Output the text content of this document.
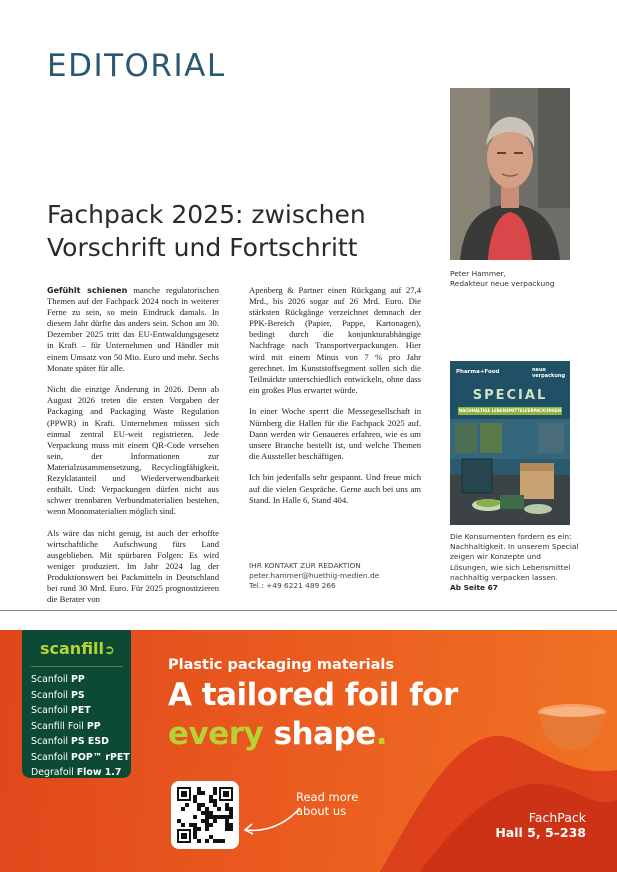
EDITORIAL
Fachpack 2025: zwischen Vorschrift und Fortschritt

Gefühlt schienen manche regulatorischen Themen auf der Fachpack 2024 noch in weiterer Ferne zu sein, so mein Eindruck damals. In diesem Jahr dürfte das anders sein. Schon am 30. Dezember 2025 tritt das EU-Entwaldungsgesetz in Kraft – für Unternehmen und Händler mit einem Umsatz von 50 Mio. Euro und mehr. Sechs Monate später für alle.

Nicht die einzige Änderung in 2026. Denn ab August 2026 treten die ersten Vorgaben der Packaging and Packaging Waste Regulation (PPWR) in Kraft. Unternehmen müssen sich einmal zentral EU-weit registrieren. Jede Verpackung muss mit einem QR-Code versehen sein, der Informationen zur Materialzusammensetzung, Recyclingfähigkeit, Rezyklatanteil und Wiederverwendbarkeit enthält. Und: Verpackungen dürfen nicht aus schwer trennbaren Verbundmaterialien bestehen, wenn Monomaterialien möglich sind.

Als wäre das nicht genug, ist auch der erhoffte wirtschaftliche Aufschwung fürs Land ausgeblieben. Mit spürbaren Folgen: Es wird weniger produziert. Im Jahr 2024 lag der Produktionswert bei Packmitteln in Deutschland bei rund 30 Mrd. Euro. Für 2025 prognostizieren die Berater von

Apenberg & Partner einen Rückgang auf 27,4 Mrd., bis 2026 sogar auf 26 Mrd. Euro. Die stärksten Rückgänge verzeichnet demnach der PPK-Bereich (Papier, Pappe, Kartonagen), bedingt durch die konjunkturabhängige Nachfrage nach Transportverpackungen. Hier wird mit einem Minus von 7 % pro Jahr gerechnet. Im Kunststoffsegment sollen sich die Teilmärkte unterschiedlich entwickeln, ohne dass ein großes Plus erwartet würde.

In einer Woche sperrt die Messegesellschaft in Nürnberg die Hallen für die Fachpack 2025 auf. Dann werden wir Genaueres erfahren, wie es um unsere Branche bestellt ist, und welche Themen die Aussteller beschäftigen.

Ich bin jedenfalls sehr gespannt. Und freue mich auf die vielen Gespräche. Gerne auch bei uns am Stand. In Halle 6, Stand 404.

IHR KONTAKT ZUR REDAKTION
peter.hammer@huethig-medien.de
Tel.: +49 6221 489 266
Peter Hammer,
Redakteur neue verpackung
Pharma+Food	neue verpackung
SPECIAL
NACHHALTIGE LEBENSMITTELVERPACKUNGEN
Die Konsumenten fordern es ein: Nachhaltigkeit. In unserem Special zeigen wir Konzepte und Lösungen, wie sich Lebensmittel nachhaltig verpacken lassen.
Ab Seite 67
scanfill➲
Scanfoil PP
Scanfoil PS
Scanfoil PET
Scanfill Foil PP
Scanfoil PS ESD
Scanfoil POP™ rPET
Degrafoil Flow 1.7
Plastic packaging materials
A tailored foil for
every shape.
Read more
about us	FachPack
Hall 5, 5–238
